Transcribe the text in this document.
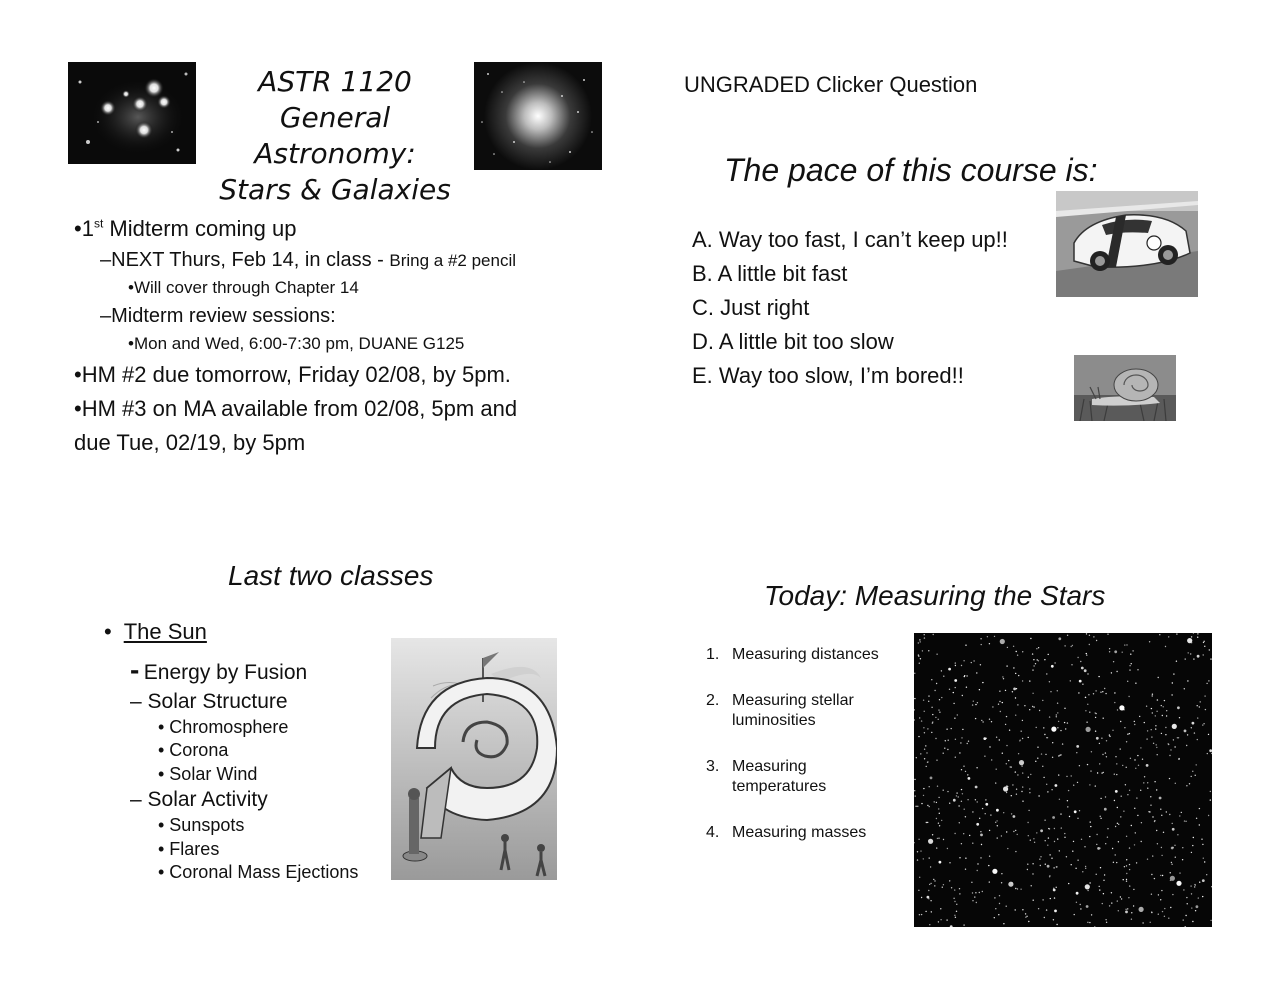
ASTR 1120
General Astronomy:
Stars & Galaxies
•1st Midterm coming up
–NEXT Thurs, Feb 14, in class - Bring a #2 pencil
•Will cover through Chapter 14
–Midterm review sessions:
•Mon and Wed, 6:00-7:30 pm, DUANE G125
•HM #2 due tomorrow, Friday 02/08, by 5pm.
•HM #3 on MA available from 02/08, 5pm and
due Tue, 02/19, by 5pm
UNGRADED Clicker Question
The pace of this course is:
A. Way too fast, I can’t keep up!!
B. A little bit fast
C. Just right
D. A little bit too slow
E. Way too slow, I’m bored!!
Last two classes
• The Sun
- Energy by Fusion
– Solar Structure
• Chromosphere
• Corona
• Solar Wind
– Solar Activity
• Sunspots
• Flares
• Coronal Mass Ejections
Today: Measuring the Stars
1. Measuring distances
2. Measuring stellar
luminosities
3. Measuring
temperatures
4. Measuring masses
